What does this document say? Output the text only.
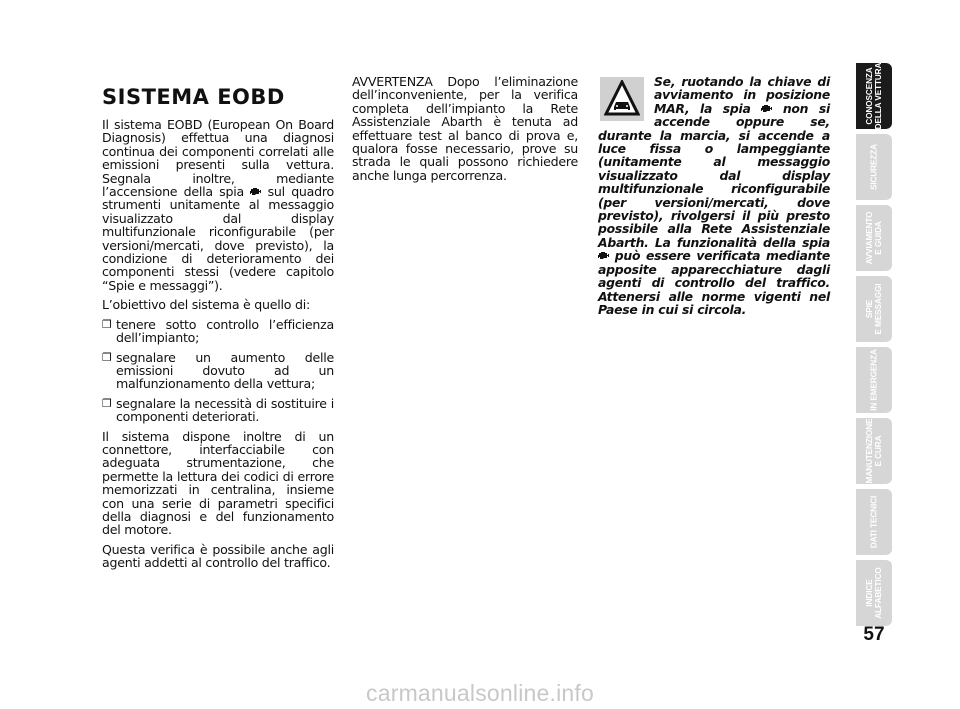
SISTEMA EOBD

Il sistema EOBD (European On Board Diagnosis) effettua una diagnosi continua dei componenti correlati alle emissioni presenti sulla vettura. Segnala inoltre, mediante l’accensione della spia sul quadro strumenti unitamente al messaggio visualizzato dal display multifunzionale riconfigurabile (per versioni/mercati, dove previsto), la condizione di deterioramento dei componenti stessi (vedere capitolo “Spie e messaggi”).

L’obiettivo del sistema è quello di:

❐ tenere sotto controllo l’efficienza dell’impianto;
❐ segnalare un aumento delle emissioni dovuto ad un malfunzionamento della vettura;
❐ segnalare la necessità di sostituire i componenti deteriorati.

Il sistema dispone inoltre di un connettore, interfacciabile con adeguata strumentazione, che permette la lettura dei codici di errore memorizzati in centralina, insieme con una serie di parametri specifici della diagnosi e del funzionamento del motore.

Questa verifica è possibile anche agli agenti addetti al controllo del traffico.

AVVERTENZA Dopo l’eliminazione dell’inconveniente, per la verifica completa dell’impianto la Rete Assistenziale Abarth è tenuta ad effettuare test al banco di prova e, qualora fosse necessario, prove su strada le quali possono richiedere anche lunga percorrenza.

Se, ruotando la chiave di avviamento in posizione MAR, la spia	non si accende oppure se, durante la marcia, si accende a luce fissa o lampeggiante (unitamente al messaggio visualizzato dal display multifunzionale riconfigurabile (per versioni/mercati, dove previsto), rivolgersi il più presto possibile alla Rete Assistenziale Abarth. La funzionalità della spia  può essere verificata mediante apposite apparecchiature dagli agenti di controllo del traffico. Attenersi alle norme vigenti nel Paese in cui si circola.

CONOSCENZA DELLA VETTURA
SICUREZZA
AVVIAMENTO E GUIDA
SPIE E MESSAGGI
IN EMERGENZA
MANUTENZIONE E CURA
DATI TECNICI
INDICE ALFABETICO
57
carmanualsonline.info
